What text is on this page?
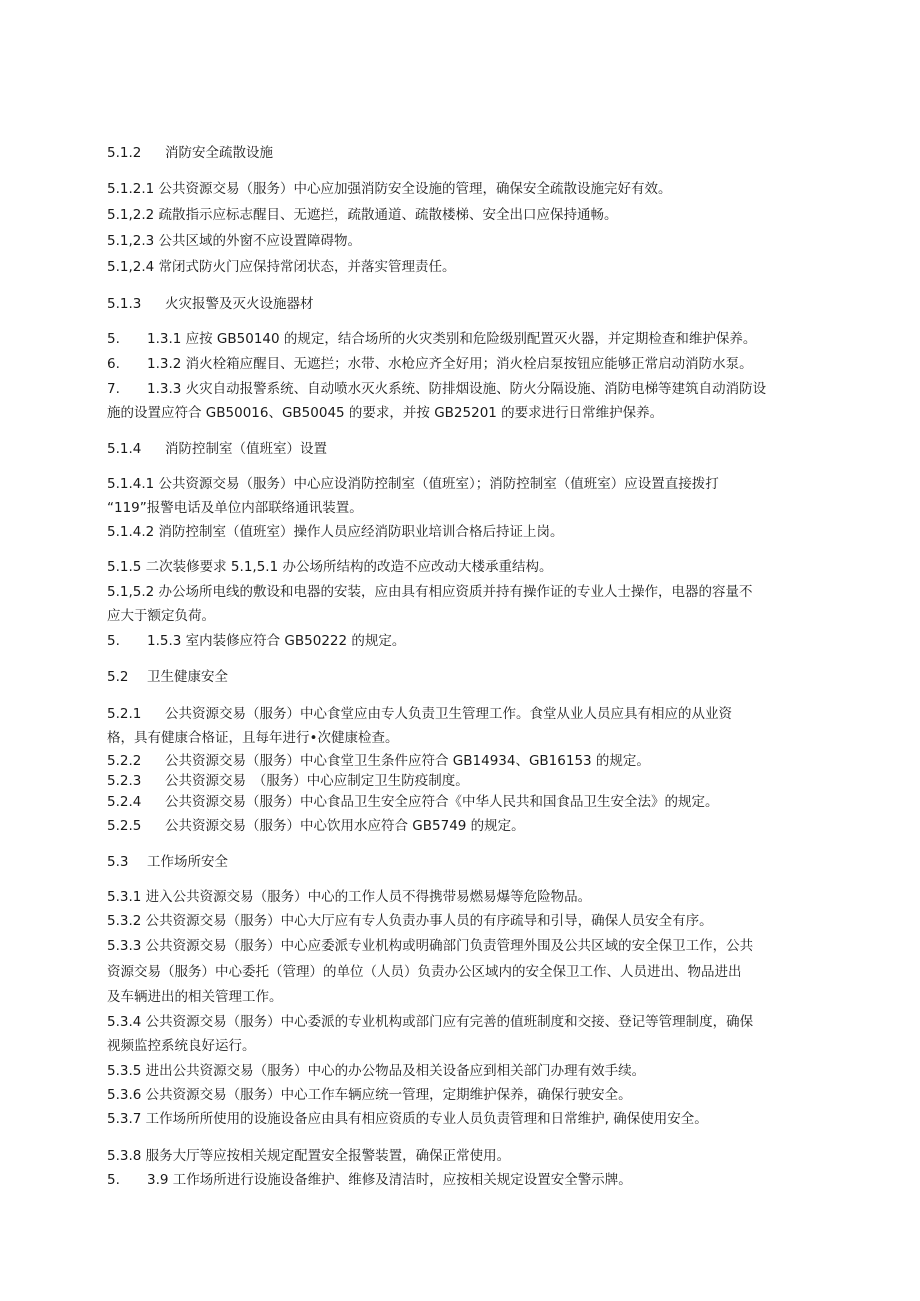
5.1.2 消防安全疏散设施
5.1.2.1 公共资源交易（服务）中心应加强消防安全设施的管理，确保安全疏散设施完好有效。
5.1,2.2 疏散指示应标志醒目、无遮拦，疏散通道、疏散楼梯、安全出口应保持通畅。
5.1,2.3 公共区域的外窗不应设置障碍物。
5.1,2.4 常闭式防火门应保持常闭状态，并落实管理责任。
5.1.3 火灾报警及灭火设施器材
5. 1.3.1 应按 GB50140 的规定，结合场所的火灾类别和危险级别配置灭火器，并定期检查和维护保养。
6. 1.3.2 消火栓箱应醒目、无遮拦；水带、水枪应齐全好用；消火栓启泵按钮应能够正常启动消防水泵。
7. 1.3.3 火灾自动报警系统、自动喷水灭火系统、防排烟设施、防火分隔设施、消防电梯等建筑自动消防设
施的设置应符合 GB50016、GB50045 的要求，并按 GB25201 的要求进行日常维护保养。
5.1.4 消防控制室（值班室）设置
5.1.4.1 公共资源交易（服务）中心应设消防控制室（值班室）；消防控制室（值班室）应设置直接拨打
“119”报警电话及单位内部联络通讯装置。
5.1.4.2 消防控制室（值班室）操作人员应经消防职业培训合格后持证上岗。
5.1.5 二次装修要求 5.1,5.1 办公场所结构的改造不应改动大楼承重结构。
5.1,5.2 办公场所电线的敷设和电器的安装，应由具有相应资质并持有操作证的专业人士操作，电器的容量不
应大于额定负荷。
5. 1.5.3 室内装修应符合 GB50222 的规定。
5.2 卫生健康安全
5.2.1 公共资源交易（服务）中心食堂应由专人负责卫生管理工作。食堂从业人员应具有相应的从业资
格，具有健康合格证，且每年进行•次健康检查。
5.2.2 公共资源交易（服务）中心食堂卫生条件应符合 GB14934、GB16153 的规定。
5.2.3 公共资源交易　（服务）中心应制定卫生防疫制度。
5.2.4 公共资源交易（服务）中心食品卫生安全应符合《中华人民共和国食品卫生安全法》的规定。
5.2.5 公共资源交易（服务）中心饮用水应符合 GB5749 的规定。
5.3 工作场所安全
5.3.1 进入公共资源交易（服务）中心的工作人员不得携带易燃易爆等危险物品。
5.3.2 公共资源交易（服务）中心大厅应有专人负责办事人员的有序疏导和引导，确保人员安全有序。
5.3.3 公共资源交易（服务）中心应委派专业机构或明确部门负责管理外围及公共区域的安全保卫工作，公共
资源交易（服务）中心委托（管理）的单位（人员）负责办公区域内的安全保卫工作、人员进出、物品进出
及车辆进出的相关管理工作。
5.3.4 公共资源交易（服务）中心委派的专业机构或部门应有完善的值班制度和交接、登记等管理制度，确保
视频监控系统良好运行。
5.3.5 进出公共资源交易（服务）中心的办公物品及相关设备应到相关部门办理有效手续。
5.3.6 公共资源交易（服务）中心工作车辆应统一管理，定期维护保养，确保行驶安全。
5.3.7 工作场所所使用的设施设备应由具有相应资质的专业人员负责管理和日常维护, 确保使用安全。
5.3.8 服务大厅等应按相关规定配置安全报警装置，确保正常使用。
5. 3.9 工作场所进行设施设备维护、维修及清洁时，应按相关规定设置安全警示牌。
